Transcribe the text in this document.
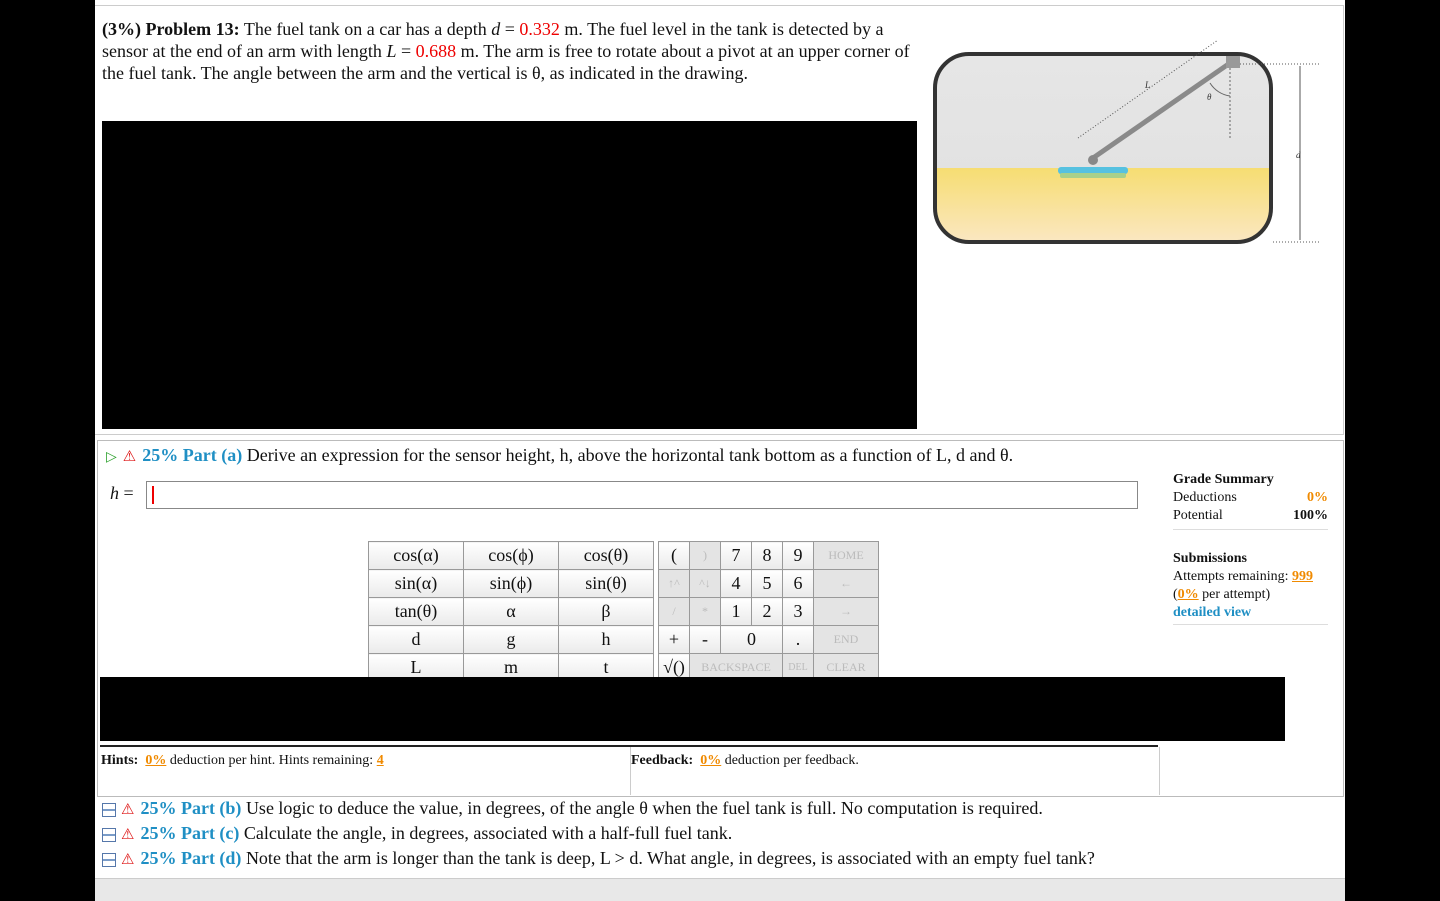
(3%) Problem 13: The fuel tank on a car has a depth d = 0.332 m. The fuel level in the tank is detected by a sensor at the end of an arm with length L = 0.688 m. The arm is free to rotate about a pivot at an upper corner of the fuel tank. The angle between the arm and the vertical is θ, as indicated in the drawing.
θ
L
d
▷ ⚠ 25% Part (a) Derive an expression for the sensor height, h, above the horizontal tank bottom as a function of L, d and θ.
h =
cos(α)	cos(ϕ)	cos(θ)		(	)	7	8	9	HOME
sin(α)	sin(ϕ)	sin(θ)		↑^	^↓	4	5	6	←
tan(θ)	α	β		/	*	1	2	3	→
d	g	h		+	-	0		.	END
L	m	t		√()	BACKSPACE			DEL	CLEAR
Grade Summary
Deductions	0%
Potential	100%
Submissions
Attempts remaining: 999
(0% per attempt)
detailed view
Hints: 0% deduction per hint. Hints remaining: 4	Feedback: 0% deduction per feedback.
⚠ 25% Part (b) Use logic to deduce the value, in degrees, of the angle θ when the fuel tank is full. No computation is required.
⚠ 25% Part (c) Calculate the angle, in degrees, associated with a half-full fuel tank.
⚠ 25% Part (d) Note that the arm is longer than the tank is deep, L > d. What angle, in degrees, is associated with an empty fuel tank?
